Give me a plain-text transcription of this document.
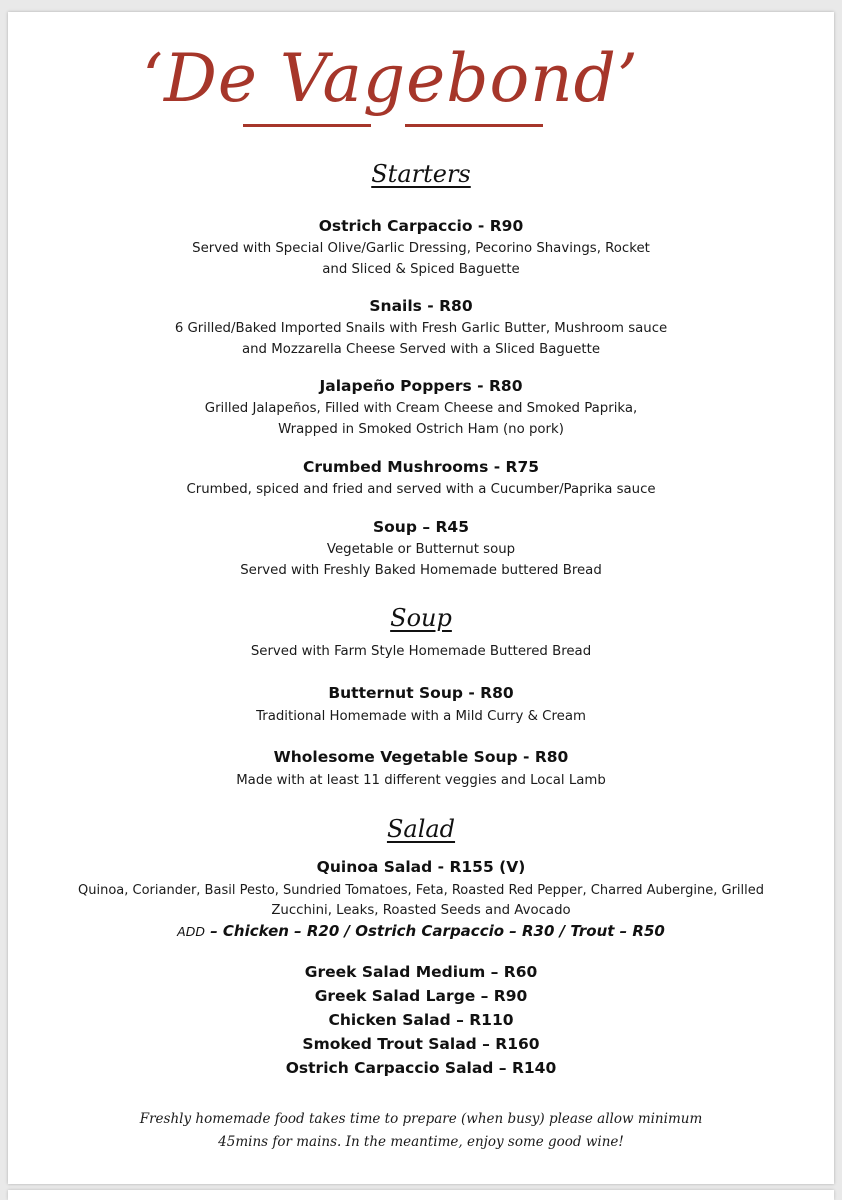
‘De Vagebond’
Starters
Ostrich Carpaccio - R90
Served with Special Olive/Garlic Dressing, Pecorino Shavings, Rocket
and Sliced & Spiced Baguette
Snails - R80
6 Grilled/Baked Imported Snails with Fresh Garlic Butter, Mushroom sauce
and Mozzarella Cheese Served with a Sliced Baguette
Jalapeño Poppers - R80
Grilled Jalapeños, Filled with Cream Cheese and Smoked Paprika,
Wrapped in Smoked Ostrich Ham (no pork)
Crumbed Mushrooms - R75
Crumbed, spiced and fried and served with a Cucumber/Paprika sauce
Soup – R45
Vegetable or Butternut soup
Served with Freshly Baked Homemade buttered Bread
Soup
Served with Farm Style Homemade Buttered Bread
Butternut Soup - R80
Traditional Homemade with a Mild Curry & Cream
Wholesome Vegetable Soup - R80
Made with at least 11 different veggies and Local Lamb
Salad
Quinoa Salad - R155 (V)
Quinoa, Coriander, Basil Pesto, Sundried Tomatoes, Feta, Roasted Red Pepper, Charred Aubergine, Grilled
Zucchini, Leaks, Roasted Seeds and Avocado
ADD – Chicken – R20 / Ostrich Carpaccio – R30 / Trout – R50
Greek Salad Medium – R60
Greek Salad Large – R90
Chicken Salad – R110
Smoked Trout Salad – R160
Ostrich Carpaccio Salad – R140
Freshly homemade food takes time to prepare (when busy) please allow minimum
45mins for mains. In the meantime, enjoy some good wine!
